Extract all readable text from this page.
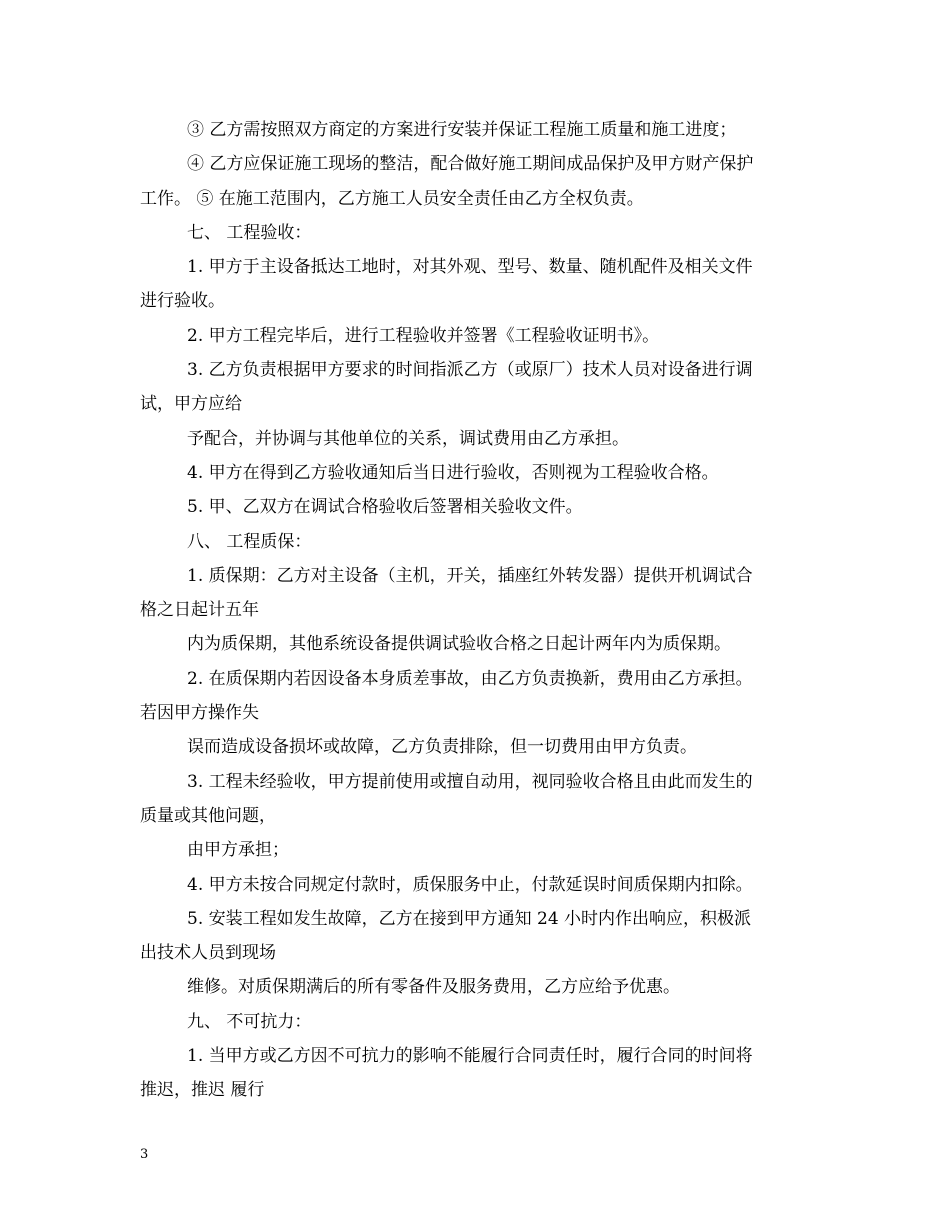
③ 乙方需按照双方商定的方案进行安装并保证工程施工质量和施工进度；

④ 乙方应保证施工现场的整洁，配合做好施工期间成品保护及甲方财产保护

工作。 ⑤ 在施工范围内，乙方施工人员安全责任由乙方全权负责。

七、 工程验收：

1. 甲方于主设备抵达工地时，对其外观、型号、数量、随机配件及相关文件

进行验收。

2. 甲方工程完毕后，进行工程验收并签署《工程验收证明书》。

3. 乙方负责根据甲方要求的时间指派乙方（或原厂）技术人员对设备进行调

试，甲方应给

予配合，并协调与其他单位的关系，调试费用由乙方承担。

4. 甲方在得到乙方验收通知后当日进行验收，否则视为工程验收合格。

5. 甲、乙双方在调试合格验收后签署相关验收文件。

八、 工程质保：

1. 质保期：乙方对主设备（主机，开关，插座红外转发器）提供开机调试合

格之日起计五年

内为质保期，其他系统设备提供调试验收合格之日起计两年内为质保期。

2. 在质保期内若因设备本身质差事故，由乙方负责换新，费用由乙方承担。

若因甲方操作失

误而造成设备损坏或故障，乙方负责排除，但一切费用由甲方负责。

3. 工程未经验收，甲方提前使用或擅自动用，视同验收合格且由此而发生的

质量或其他问题，

由甲方承担；

4. 甲方未按合同规定付款时，质保服务中止，付款延误时间质保期内扣除。

5. 安装工程如发生故障，乙方在接到甲方通知 24 小时内作出响应，积极派

出技术人员到现场

维修。对质保期满后的所有零备件及服务费用，乙方应给予优惠。

九、 不可抗力：

1. 当甲方或乙方因不可抗力的影响不能履行合同责任时，履行合同的时间将

推迟，推迟 履行

3
